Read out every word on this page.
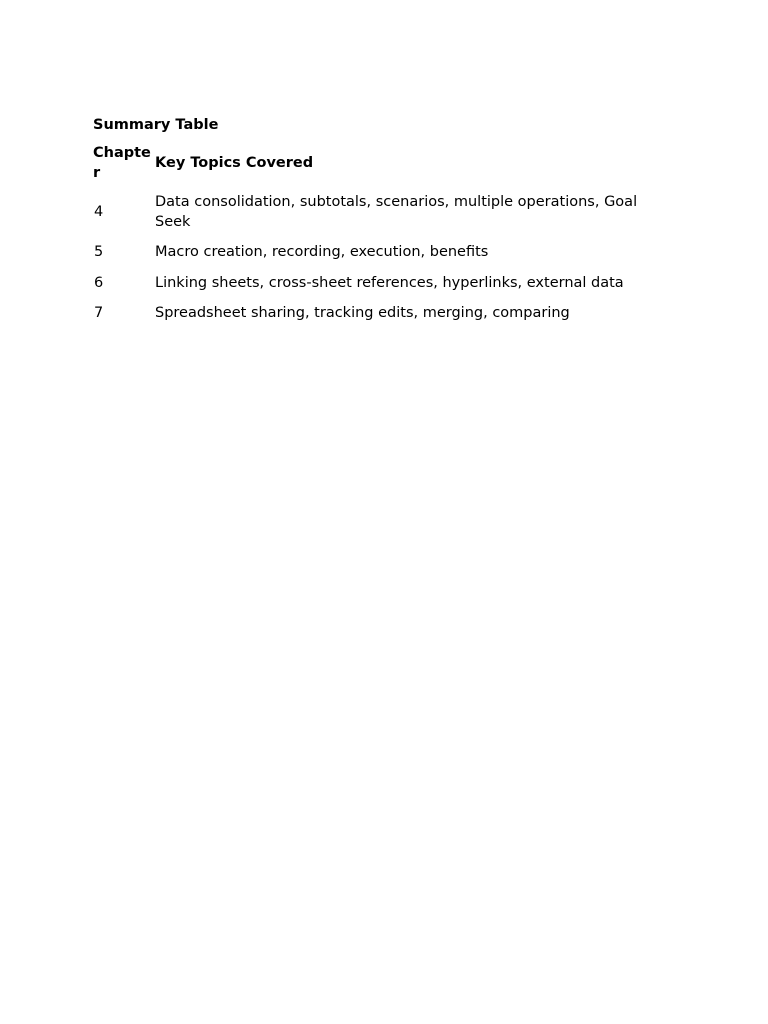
Summary Table

Chapter	Key Topics Covered
4	Data consolidation, subtotals, scenarios, multiple operations, Goal Seek
5	Macro creation, recording, execution, benefits
6	Linking sheets, cross-sheet references, hyperlinks, external data
7	Spreadsheet sharing, tracking edits, merging, comparing
